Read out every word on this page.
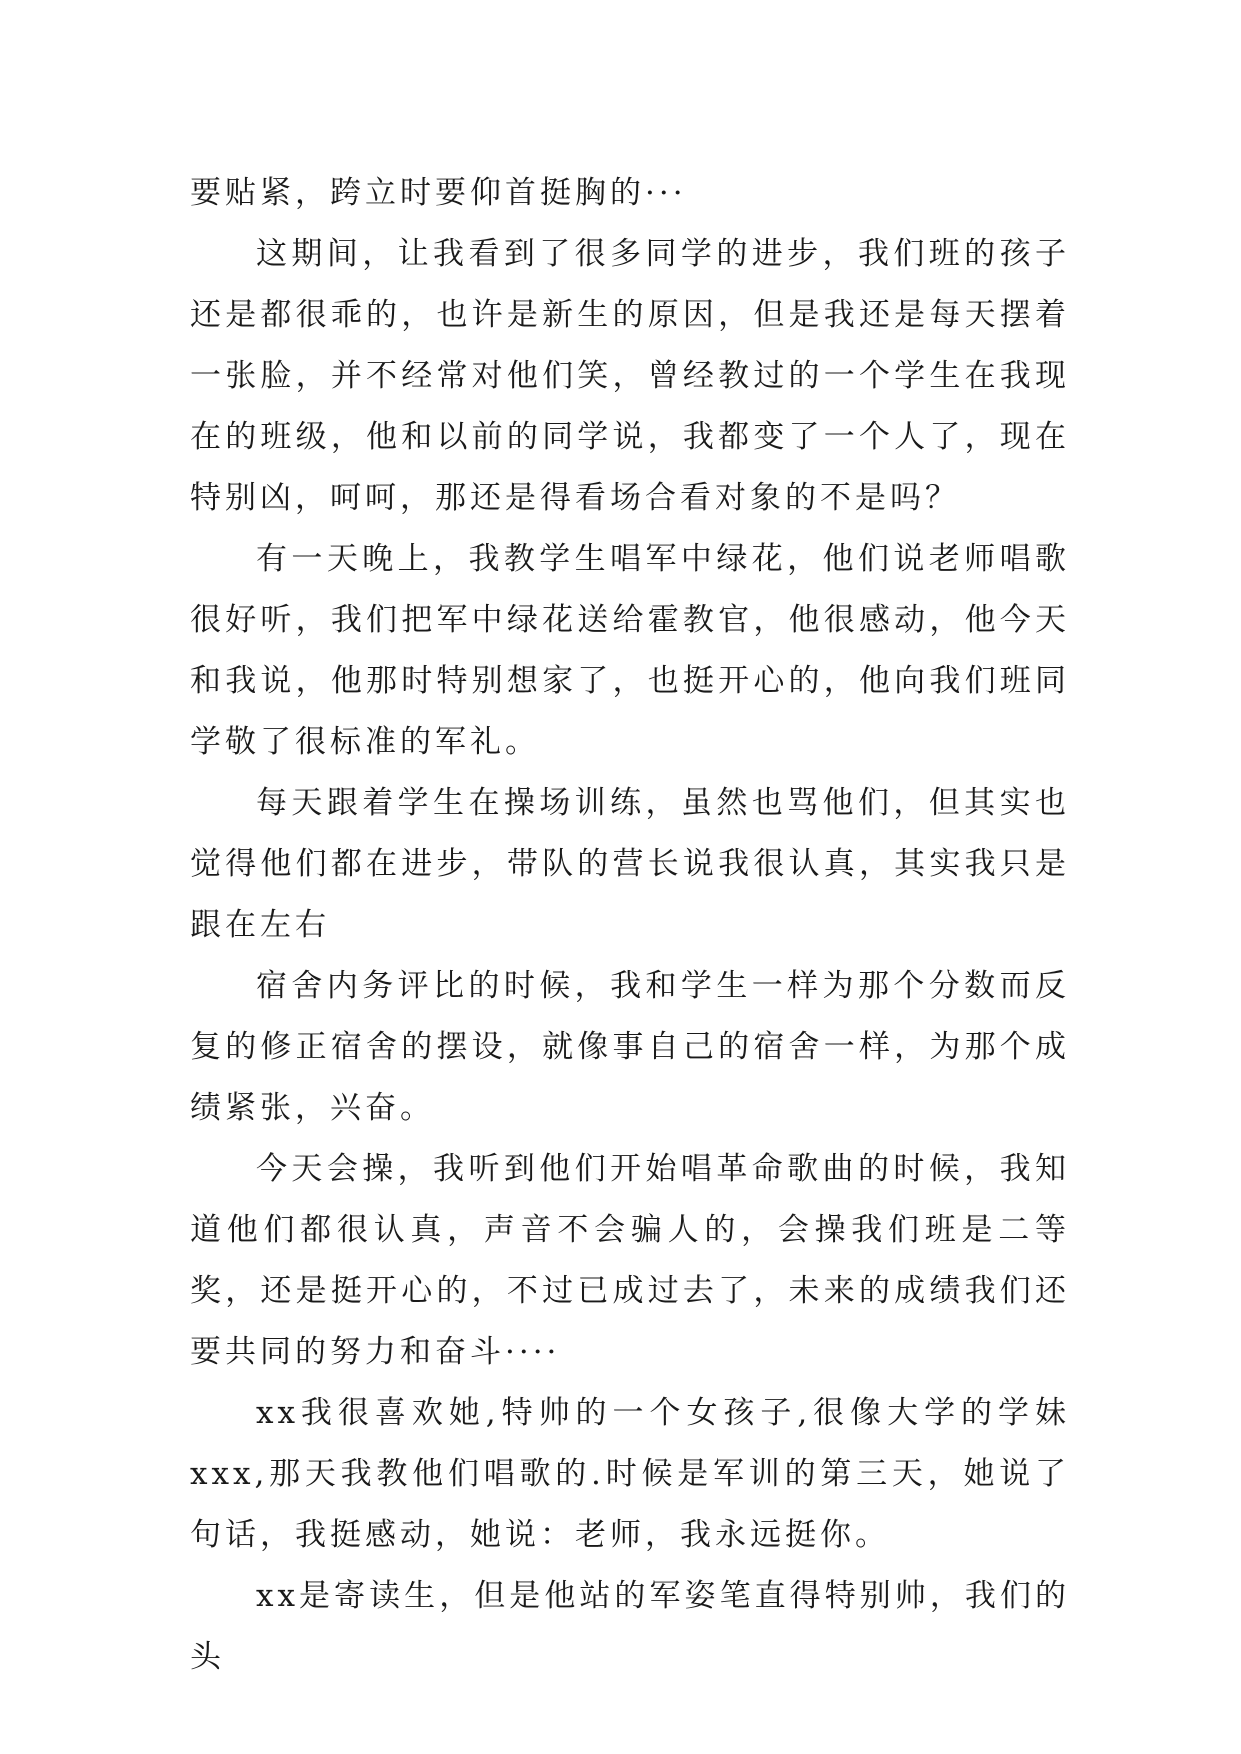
要贴紧，跨立时要仰首挺胸的···

这期间，让我看到了很多同学的进步，我们班的孩子还是都很乖的，也许是新生的原因，但是我还是每天摆着一张脸，并不经常对他们笑，曾经教过的一个学生在我现在的班级，他和以前的同学说，我都变了一个人了，现在特别凶，呵呵，那还是得看场合看对象的不是吗？

有一天晚上，我教学生唱军中绿花，他们说老师唱歌很好听，我们把军中绿花送给霍教官，他很感动，他今天和我说，他那时特别想家了，也挺开心的，他向我们班同学敬了很标准的军礼。

每天跟着学生在操场训练，虽然也骂他们，但其实也觉得他们都在进步，带队的营长说我很认真，其实我只是跟在左右

宿舍内务评比的时候，我和学生一样为那个分数而反复的修正宿舍的摆设，就像事自己的宿舍一样，为那个成绩紧张，兴奋。

今天会操，我听到他们开始唱革命歌曲的时候，我知道他们都很认真，声音不会骗人的，会操我们班是二等奖，还是挺开心的，不过已成过去了，未来的成绩我们还要共同的努力和奋斗····

xx我很喜欢她,特帅的一个女孩子,很像大学的学妹xxx,那天我教他们唱歌的.时候是军训的第三天，她说了句话，我挺感动，她说：老师，我永远挺你。

xx是寄读生，但是他站的军姿笔直得特别帅，我们的头
